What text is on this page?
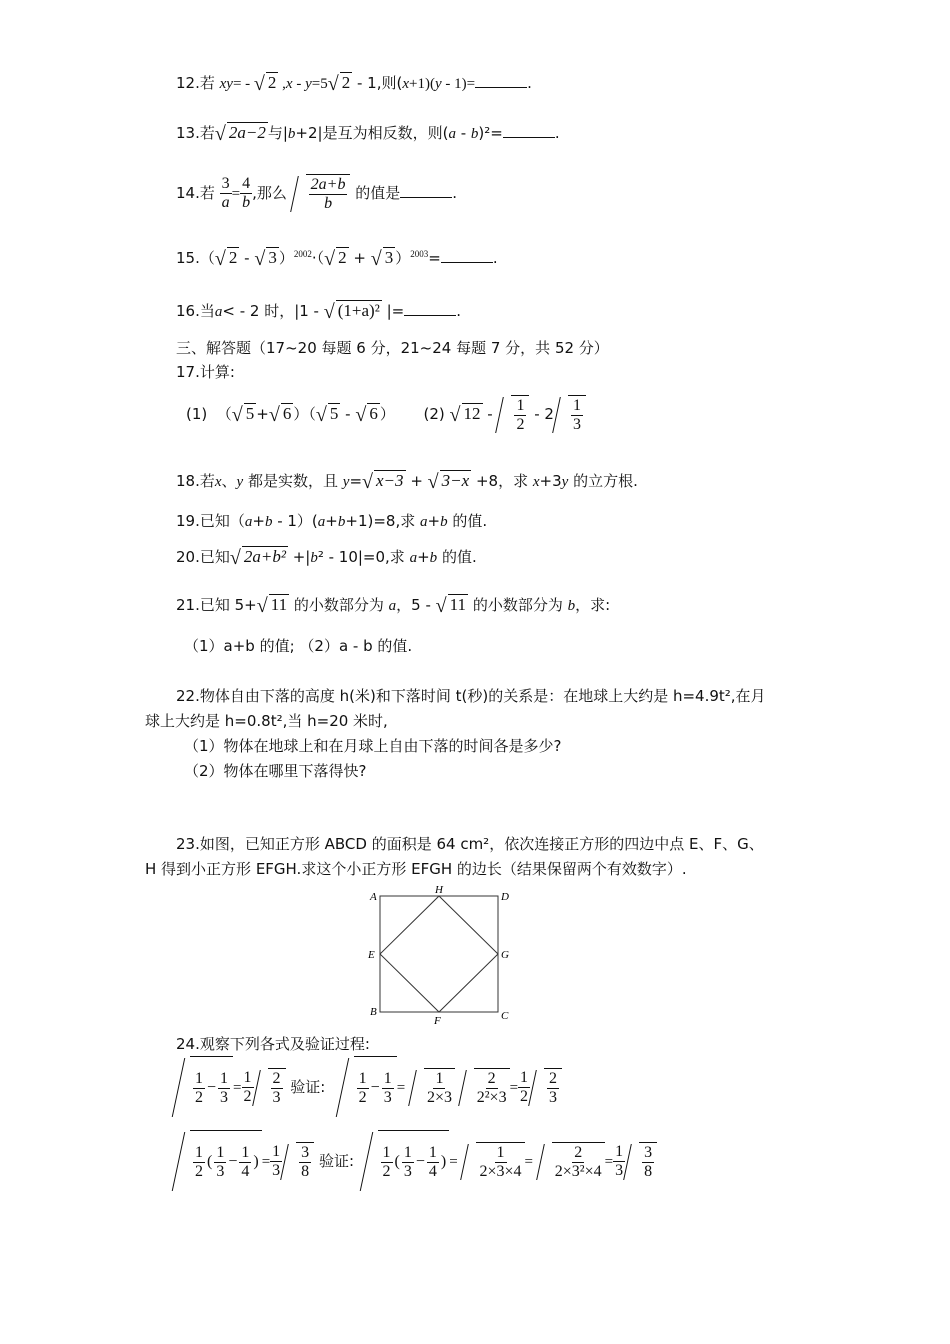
12.若 xy= - √ 2 ,x - y=5 √ 2 - 1,则(x+1)(y - 1)=	.
13.若 √ 2a−2 与|b+2|是互为相反数，则(a - b)²=	.
14.若 $\frac{3}{a} = \frac{4}{b}$ ,那么 $\frac{2a+b}{b}$ 的值是	.
15.（ √ 2 - √ 3 ）$^{2002}$·（ √ 2 + √ 3 ）$^{2003}$=	.
16.当a< - 2 时，|1 - √ (1+a)² |=	.
三、解答题（17~20 每题 6 分，21~24 每题 7 分，共 52 分）
17.计算:
(1)  （ √ 5 + √ 6 ）（ √ 5 - √ 6 ）      (2) √ $12 - \frac{1}{2} - 2 \frac{1}{3}$
18.若x、y 都是实数，且 y= √ x−3 + √ 3−x +8，求 x+3y 的立方根.
19.已知（a+b - 1）(a+b+1)=8,求 a+b 的值.
20.已知 √ 2a+b² +|b² - 10|=0,求 a+b 的值.
21.已知 5+ √ 11 的小数部分为 a，5 - √ 11 的小数部分为 b，求:
（1）a+b 的值; （2）a - b 的值.
22.物体自由下落的高度 h(米)和下落时间 t(秒)的关系是：在地球上大约是 h=4.9t²,在月
球上大约是 h=0.8t²,当 h=20 米时,
（1）物体在地球上和在月球上自由下落的时间各是多少?
（2）物体在哪里下落得快?
23.如图，已知正方形 ABCD 的面积是 64 cm²，依次连接正方形的四边中点 E、F、G、
H 得到小正方形 EFGH.求这个小正方形 EFGH 的边长（结果保留两个有效数字）.
A
H
D
E	G
B
F	C
24.观察下列各式及验证过程:
$\frac{1}{2} - \frac{1}{3} = \frac{1}{2} \frac{2}{3}$ 验证: $\frac{1}{2} - \frac{1}{3} = \frac{1}{2\times 3}$
$\frac{2}{\text{2²×3}} = \frac{1}{2} \frac{2}{3}$
$\frac{1}{2}$ ( $\frac{1}{3} - \frac{1}{4}$ ) = $\frac{1}{3} \frac{3}{8}$ 验证: $\frac{1}{2}$ ( $\frac{1}{3} - \frac{1}{4}$ ) = $\frac{1}{2\times 3\times 4} = \frac{2}{\text{2×3²×4}} = \frac{1}{3} \frac{3}{8}$
